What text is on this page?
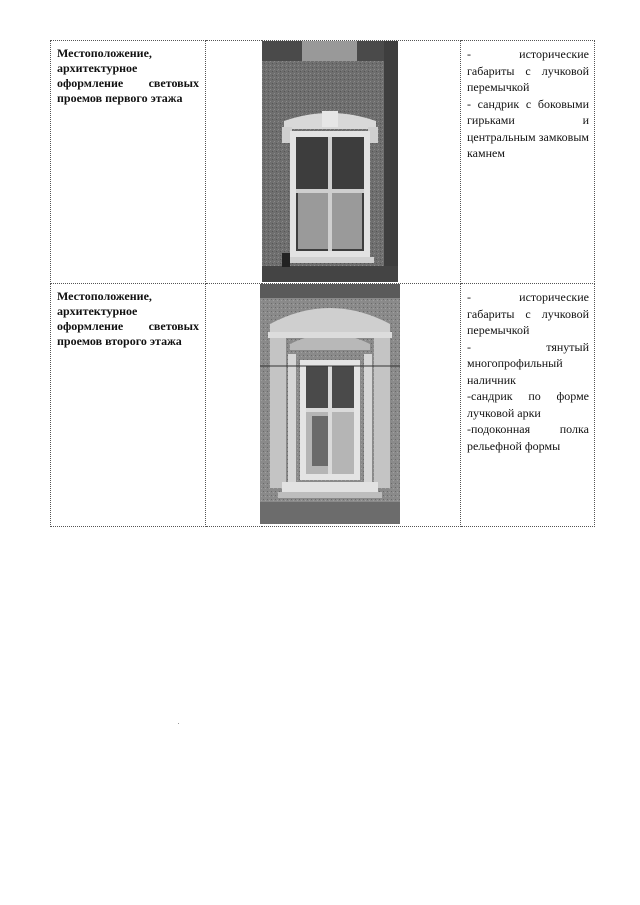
Местоположение, архитектурное оформление световых проемов первого этажа		- исторические габариты с лучковой перемычкой
- сандрик с боковыми гирьками и центральным замковым камнем

Местоположение, архитектурное оформление световых проемов второго этажа		- исторические габариты с лучковой перемычкой
- тянутый многопрофильный наличник
-сандрик по форме лучковой арки
-подоконная полка рельефной формы
